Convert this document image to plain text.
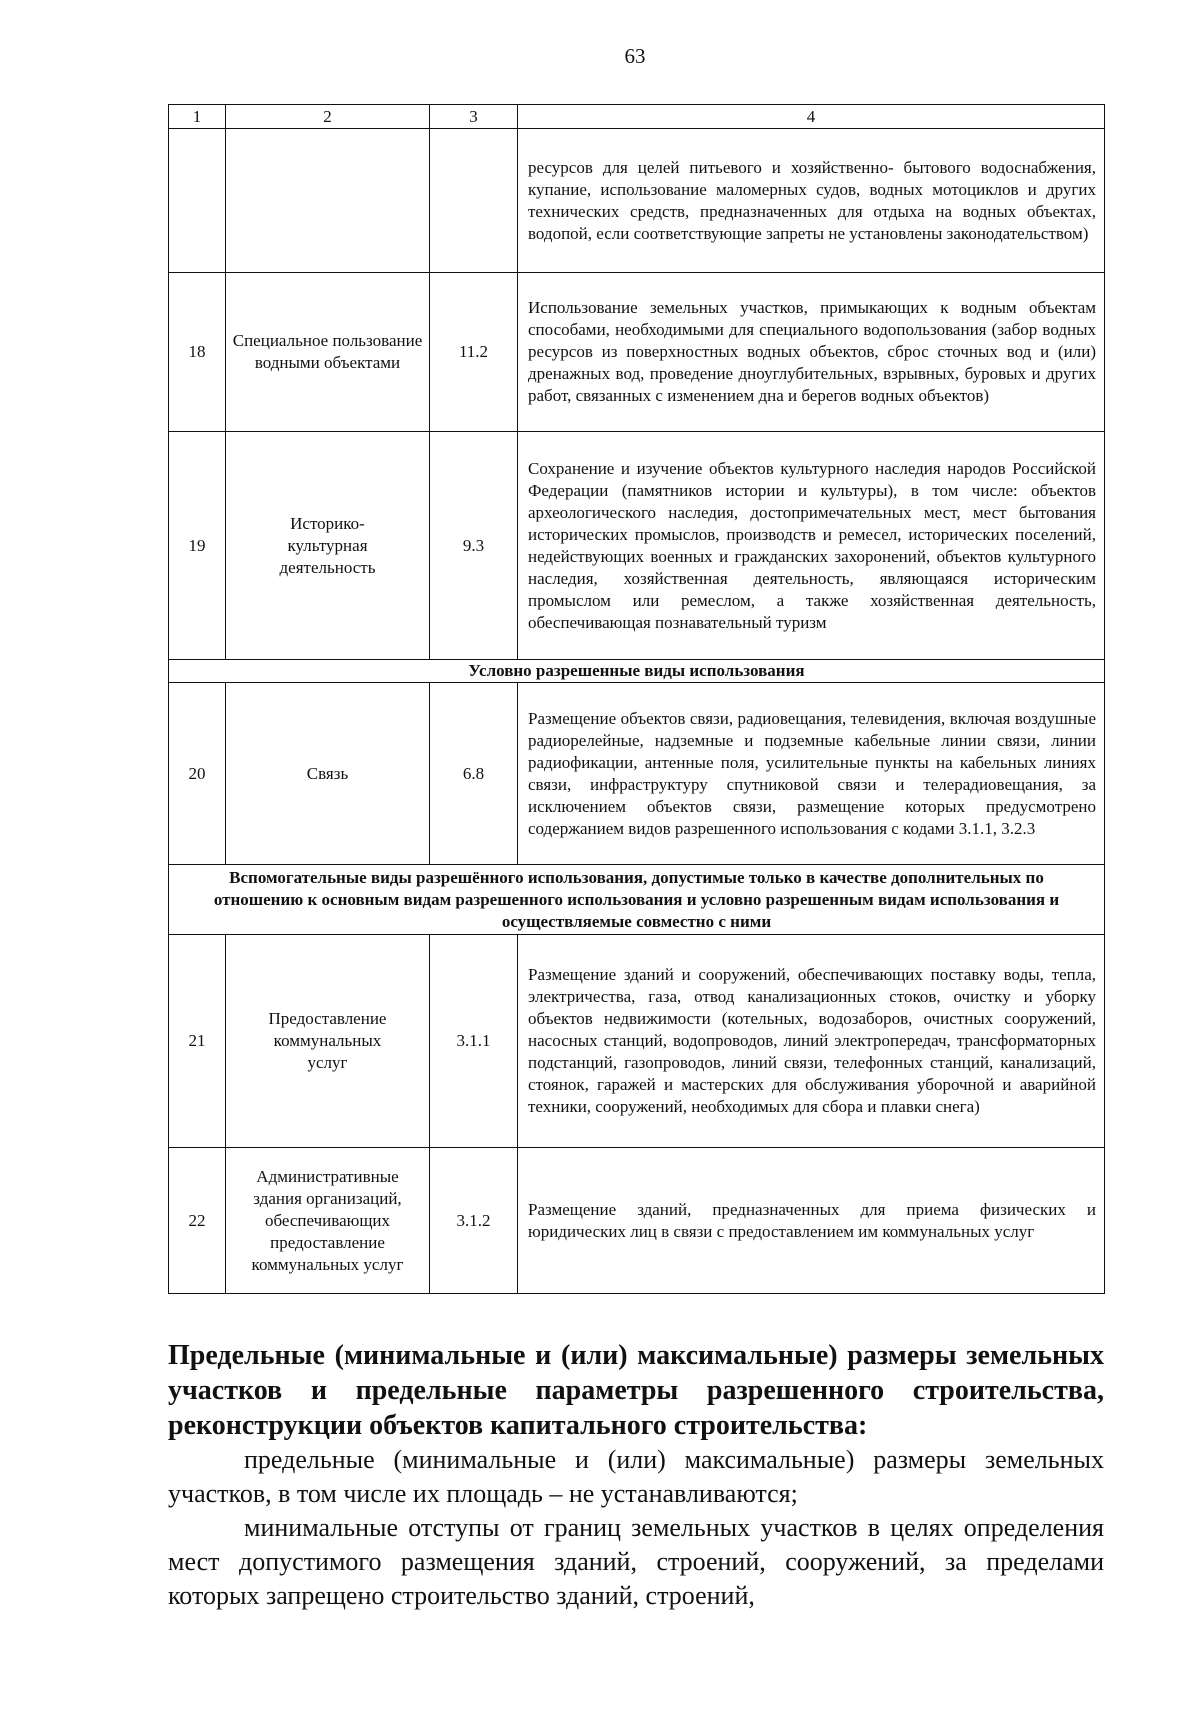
63
1	2	3	4
			ресурсов для целей питьевого и хозяйственно- бытового водоснабжения, купание, использование маломерных судов, водных мотоциклов и других технических средств, предназначенных для отдыха на водных объектах, водопой, если соответствующие запреты не установлены законодательством)
18	Специальное пользование водными объектами	11.2	Использование земельных участков, примыкающих к водным объектам способами, необходимыми для специального водопользования (забор водных ресурсов из поверхностных водных объектов, сброс сточных вод и (или) дренажных вод, проведение дноуглубительных, взрывных, буровых и других работ, связанных с изменением дна и берегов водных объектов)
19	Историко-культурная деятельность	9.3	Сохранение и изучение объектов культурного наследия народов Российской Федерации (памятников истории и культуры), в том числе: объектов археологического наследия, достопримечательных мест, мест бытования исторических промыслов, производств и ремесел, исторических поселений, недействующих военных и гражданских захоронений, объектов культурного наследия, хозяйственная деятельность, являющаяся историческим промыслом или ремеслом, а также хозяйственная деятельность, обеспечивающая познавательный туризм
Условно разрешенные виды использования			
20	Связь	6.8	Размещение объектов связи, радиовещания, телевидения, включая воздушные радиорелейные, надземные и подземные кабельные линии связи, линии радиофикации, антенные поля, усилительные пункты на кабельных линиях связи, инфраструктуру спутниковой связи и телерадиовещания, за исключением объектов связи, размещение которых предусмотрено содержанием видов разрешенного использования с кодами 3.1.1, 3.2.3
Вспомогательные виды разрешённого использования, допустимые только в качестве дополнительных по отношению к основным видам разрешенного использования и условно разрешенным видам использования и осуществляемые совместно с ними			
21	Предоставление коммунальных услуг	3.1.1	Размещение зданий и сооружений, обеспечивающих поставку воды, тепла, электричества, газа, отвод канализационных стоков, очистку и уборку объектов недвижимости (котельных, водозаборов, очистных сооружений, насосных станций, водопроводов, линий электропередач, трансформаторных подстанций, газопроводов, линий связи, телефонных станций, канализаций, стоянок, гаражей и мастерских для обслуживания уборочной и аварийной техники, сооружений, необходимых для сбора и плавки снега)
22	Административные здания организаций, обеспечивающих предоставление коммунальных услуг	3.1.2	Размещение зданий, предназначенных для приема физических и юридических лиц в связи с предоставлением им коммунальных услуг
Предельные (минимальные и (или) максимальные) размеры земельных участков и предельные параметры разрешенного строительства, реконструкции объектов капитального строительства:
предельные (минимальные и (или) максимальные) размеры земельных участков, в том числе их площадь – не устанавливаются;
минимальные отступы от границ земельных участков в целях определения мест допустимого размещения зданий, строений, сооружений, за пределами которых запрещено строительство зданий, строений,
